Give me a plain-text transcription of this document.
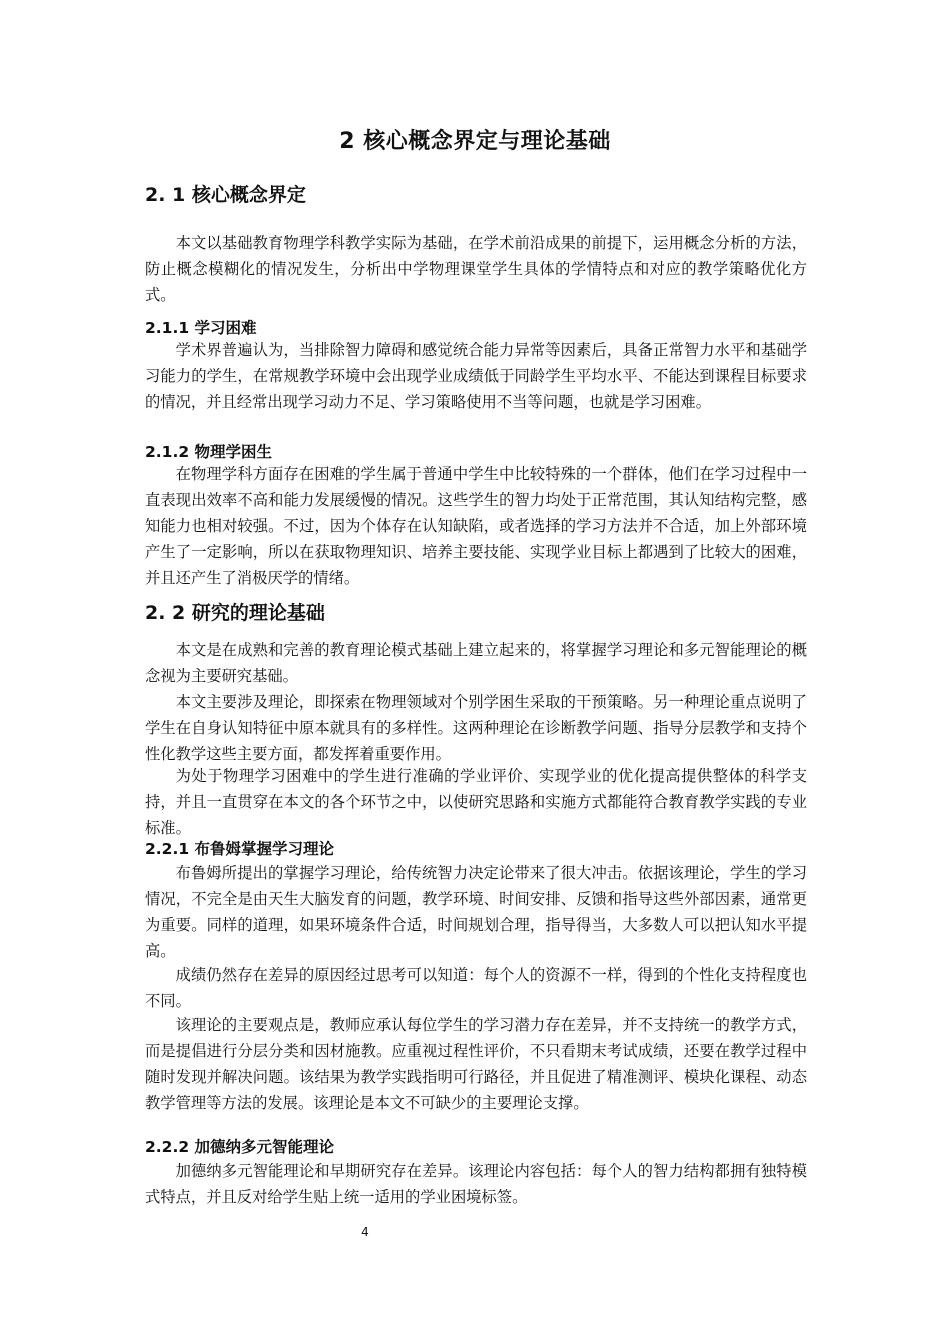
2 核心概念界定与理论基础
2. 1 核心概念界定

本文以基础教育物理学科教学实际为基础，在学术前沿成果的前提下，运用概念分析的方法，防止概念模糊化的情况发生，分析出中学物理课堂学生具体的学情特点和对应的教学策略优化方式。

2.1.1 学习困难

学术界普遍认为，当排除智力障碍和感觉统合能力异常等因素后，具备正常智力水平和基础学习能力的学生，在常规教学环境中会出现学业成绩低于同龄学生平均水平、不能达到课程目标要求的情况，并且经常出现学习动力不足、学习策略使用不当等问题，也就是学习困难。

2.1.2 物理学困生

在物理学科方面存在困难的学生属于普通中学生中比较特殊的一个群体，他们在学习过程中一直表现出效率不高和能力发展缓慢的情况。这些学生的智力均处于正常范围，其认知结构完整，感知能力也相对较强。不过，因为个体存在认知缺陷，或者选择的学习方法并不合适，加上外部环境产生了一定影响，所以在获取物理知识、培养主要技能、实现学业目标上都遇到了比较大的困难，并且还产生了消极厌学的情绪。

2. 2 研究的理论基础

本文是在成熟和完善的教育理论模式基础上建立起来的，将掌握学习理论和多元智能理论的概念视为主要研究基础。

本文主要涉及理论，即探索在物理领域对个别学困生采取的干预策略。另一种理论重点说明了学生在自身认知特征中原本就具有的多样性。这两种理论在诊断教学问题、指导分层教学和支持个性化教学这些主要方面，都发挥着重要作用。

为处于物理学习困难中的学生进行准确的学业评价、实现学业的优化提高提供整体的科学支持，并且一直贯穿在本文的各个环节之中，以使研究思路和实施方式都能符合教育教学实践的专业标准。

2.2.1 布鲁姆掌握学习理论

布鲁姆所提出的掌握学习理论，给传统智力决定论带来了很大冲击。依据该理论，学生的学习情况，不完全是由天生大脑发育的问题，教学环境、时间安排、反馈和指导这些外部因素，通常更为重要。同样的道理，如果环境条件合适，时间规划合理，指导得当，大多数人可以把认知水平提高。

成绩仍然存在差异的原因经过思考可以知道：每个人的资源不一样，得到的个性化支持程度也不同。

该理论的主要观点是，教师应承认每位学生的学习潜力存在差异，并不支持统一的教学方式，而是提倡进行分层分类和因材施教。应重视过程性评价，不只看期末考试成绩，还要在教学过程中随时发现并解决问题。该结果为教学实践指明可行路径，并且促进了精准测评、模块化课程、动态教学管理等方法的发展。该理论是本文不可缺少的主要理论支撑。

2.2.2 加德纳多元智能理论

加德纳多元智能理论和早期研究存在差异。该理论内容包括：每个人的智力结构都拥有独特模式特点，并且反对给学生贴上统一适用的学业困境标签。

4
